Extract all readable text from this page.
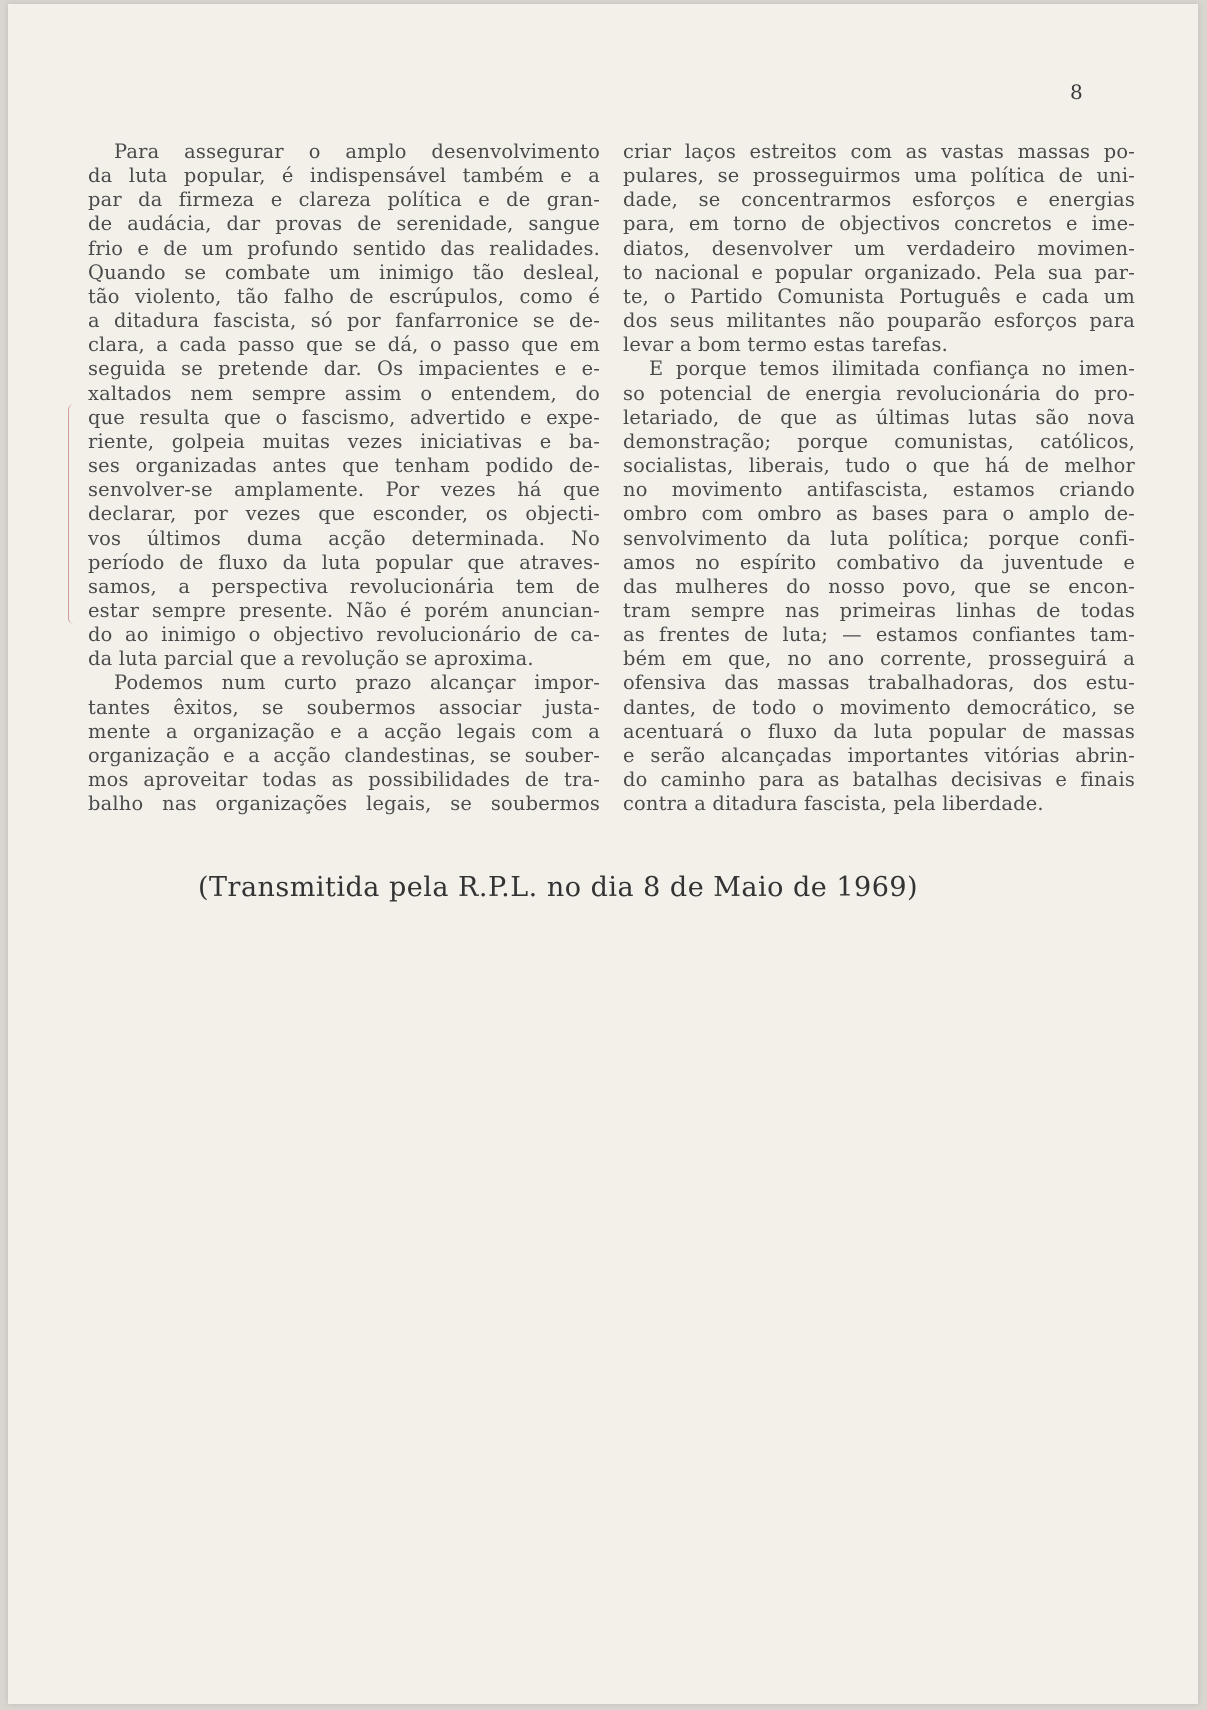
8
Para assegurar o amplo desenvolvimento
da luta popular, é indispensável também e a
par da firmeza e clareza política e de gran-
de audácia, dar provas de serenidade, sangue
frio e de um profundo sentido das realidades.
Quando se combate um inimigo tão desleal,
tão violento, tão falho de escrúpulos, como é
a ditadura fascista, só por fanfarronice se de-
clara, a cada passo que se dá, o passo que em
seguida se pretende dar. Os impacientes e e-
xaltados nem sempre assim o entendem, do
que resulta que o fascismo, advertido e expe-
riente, golpeia muitas vezes iniciativas e ba-
ses organizadas antes que tenham podido de-
senvolver-se amplamente. Por vezes há que
declarar, por vezes que esconder, os objecti-
vos últimos duma acção determinada. No
período de fluxo da luta popular que atraves-
samos, a perspectiva revolucionária tem de
estar sempre presente. Não é porém anuncian-
do ao inimigo o objectivo revolucionário de ca-
da luta parcial que a revolução se aproxima.
Podemos num curto prazo alcançar impor-
tantes êxitos, se soubermos associar justa-
mente a organização e a acção legais com a
organização e a acção clandestinas, se souber-
mos aproveitar todas as possibilidades de tra-
balho nas organizações legais, se soubermos
criar laços estreitos com as vastas massas po-
pulares, se prosseguirmos uma política de uni-
dade, se concentrarmos esforços e energias
para, em torno de objectivos concretos e ime-
diatos, desenvolver um verdadeiro movimen-
to nacional e popular organizado. Pela sua par-
te, o Partido Comunista Português e cada um
dos seus militantes não pouparão esforços para
levar a bom termo estas tarefas.
E porque temos ilimitada confiança no imen-
so potencial de energia revolucionária do pro-
letariado, de que as últimas lutas são nova
demonstração; porque comunistas, católicos,
socialistas, liberais, tudo o que há de melhor
no movimento antifascista, estamos criando
ombro com ombro as bases para o amplo de-
senvolvimento da luta política; porque confi-
amos no espírito combativo da juventude e
das mulheres do nosso povo, que se encon-
tram sempre nas primeiras linhas de todas
as frentes de luta; — estamos confiantes tam-
bém em que, no ano corrente, prosseguirá a
ofensiva das massas trabalhadoras, dos estu-
dantes, de todo o movimento democrático, se
acentuará o fluxo da luta popular de massas
e serão alcançadas importantes vitórias abrin-
do caminho para as batalhas decisivas e finais
contra a ditadura fascista, pela liberdade.
(Transmitida pela R.P.L. no dia 8 de Maio de 1969)
